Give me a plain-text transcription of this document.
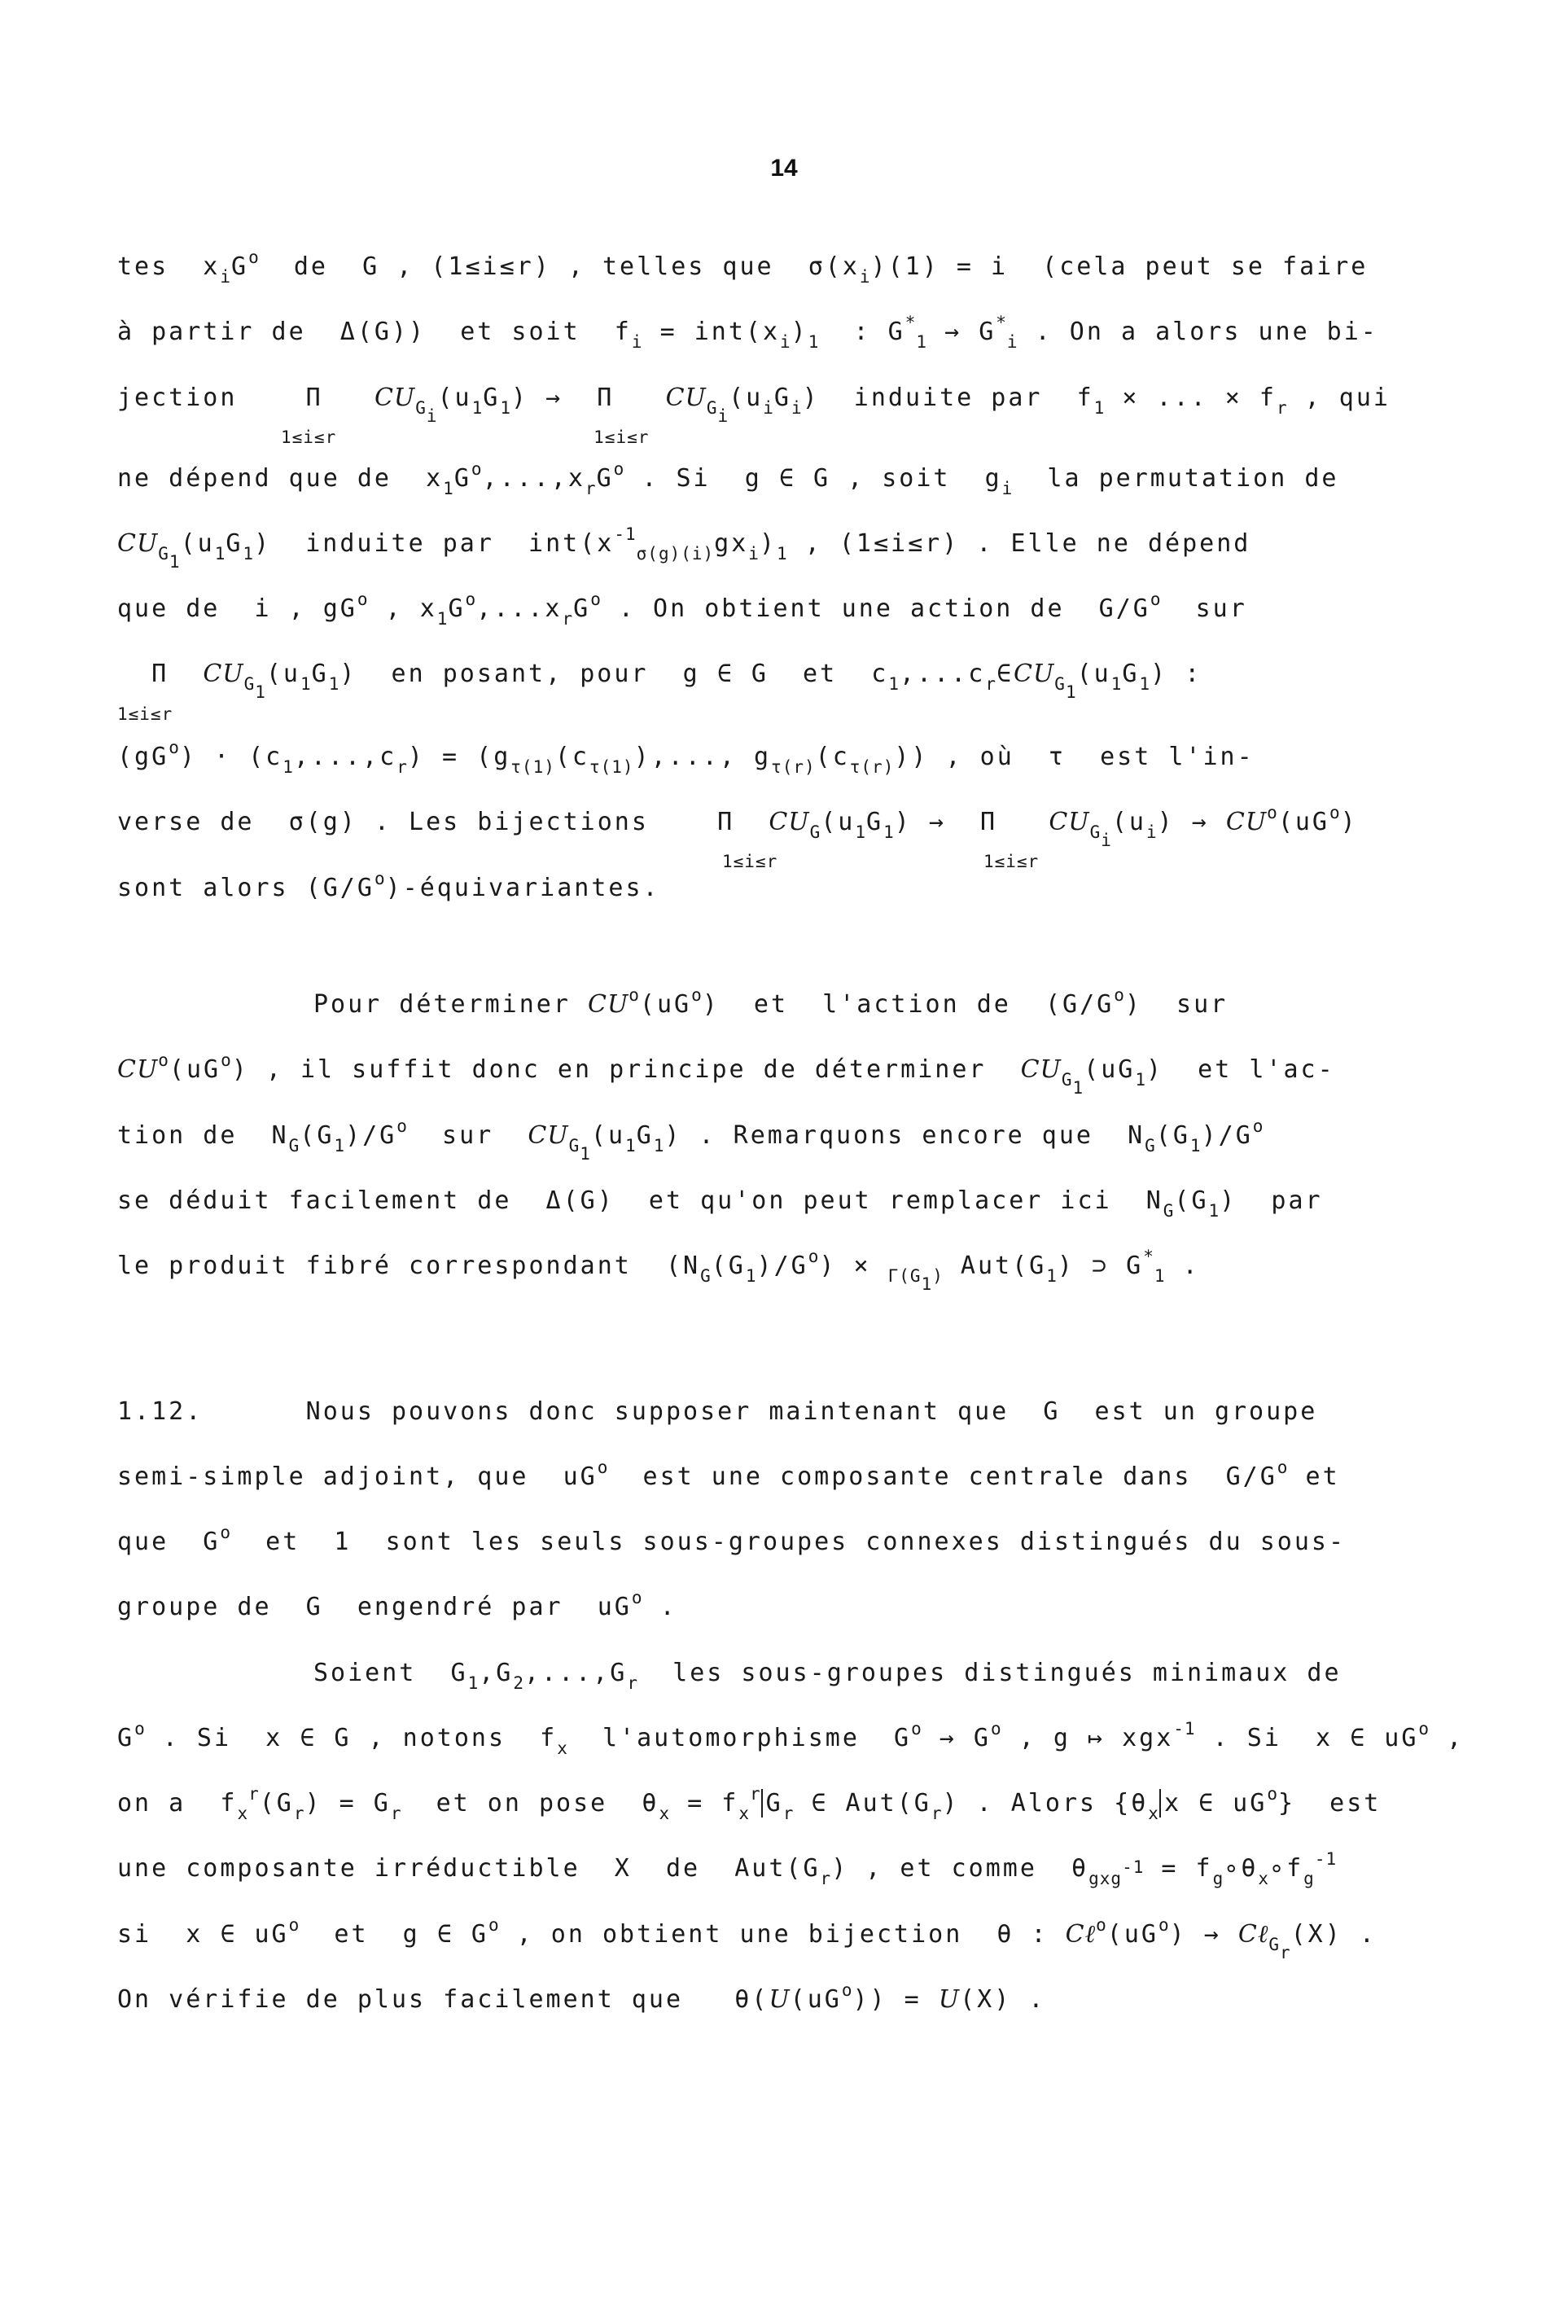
14
tes  $x_iG^o$  de  G , (1≤i≤r) , telles que  $\sigma(x_i)(1) = i$  (cela peut se faire
à partir de  Δ(G))  et soit  $f_i = int(x_i)_1$  : $G^*_1 \to G^*_i$ . On a alors une bi-
jection    Π   $CU_{G_i}(u_1G_1) \to \Pi$   $CU_{G_i}(u_iG_i)$  induite par  $f_1$ × ... × $f_r$ , qui
$_{1\le i\le r}$	$_{1\le i\le r}$
ne dépend que de  $x_1G^o,...,x_rG^o$ . Si  g ∈ G , soit  $g_i$  la permutation de
$CU_{G_1}(u_1G_1)$  induite par  $int(x^{-1}_{\sigma(g)(i)}gx_i)_1$ , (1≤i≤r) . Elle ne dépend
que de  i , $gG^o$ , $x_1G^o,...x_rG^o$ . On obtient une action de  $G/G^o$  sur
Π  $CU_{G_1}(u_1G_1)$  en posant, pour  g ∈ G  et  $c_1,...c_r\in CU_{G_1}(u_1G_1)$ :
$_{1\le i\le r}$
$(gG^o) \cdot (c_1,...,c_r) = (g_{\tau(1)}(c_{\tau(1)})$,..., $g_{\tau(r)}(c_{\tau(r)})$) , où  τ  est l'in-
verse de  σ(g) . Les bijections    Π  $CU_G(u_1G_1) \to \Pi$   $CU_{G_i}(u_i) \to CU^o(uG^o)$
$_{1\le i\le r}$	$_{1\le i\le r}$
sont alors $(G/G^o)$-équivariantes.
Pour déterminer $CU^o(uG^o)$  et  l'action de  $(G/G^o)$  sur
$CU^o(uG^o)$ , il suffit donc en principe de déterminer  $CU_{G_1}(uG_1)$  et l'ac-
tion de  $N_G(G_1)/G^o$  sur  $CU_{G_1}(u_1G_1)$ . Remarquons encore que  $N_G(G_1)/G^o$
se déduit facilement de  Δ(G)  et qu'on peut remplacer ici  $N_G(G_1)$  par
le produit fibré correspondant  $(N_G(G_1)/G^o) \times _{\Gamma(G_1)}$ $Aut(G_1)$ ⊃ $G^*_1$ .
1.12.      Nous pouvons donc supposer maintenant que  G  est un groupe
semi-simple adjoint, que  $uG^o$  est une composante centrale dans  $G/G^o$ et
que  $G^o$  et  1  sont les seuls sous-groupes connexes distingués du sous-
groupe de  G  engendré par  $uG^o$ .
Soient  $G_1,G_2,...,G_r$  les sous-groupes distingués minimaux de
$G^o$ . Si  x ∈ G , notons  $f_x$  l'automorphisme  $G^o \to G^o$ , g ↦ xgx$^{-1}$ . Si  x ∈ $uG^o$ ,
on a  $f_x^r(G_r) = G_r$  et on pose  $\theta_x = f_x^r$ $G_r$ ∈ $Aut(G_r)$ . Alors {$\theta_x$ x ∈ $uG^o$}  est
une composante irréductible  X  de  $Aut(G_r)$ , et comme  $\theta_{gxg^{-1}}$ = $f_g\circ\theta_x\circ f_g^{-1}$
si  x ∈ $uG^o$  et  g ∈ $G^o$ , on obtient une bijection  θ : $C\ell^o(uG^o)$ → Cℓ$_{G_r}$(X) .
On vérifie de plus facilement que   $\theta(U(uG^o)) = U(X)$ .
